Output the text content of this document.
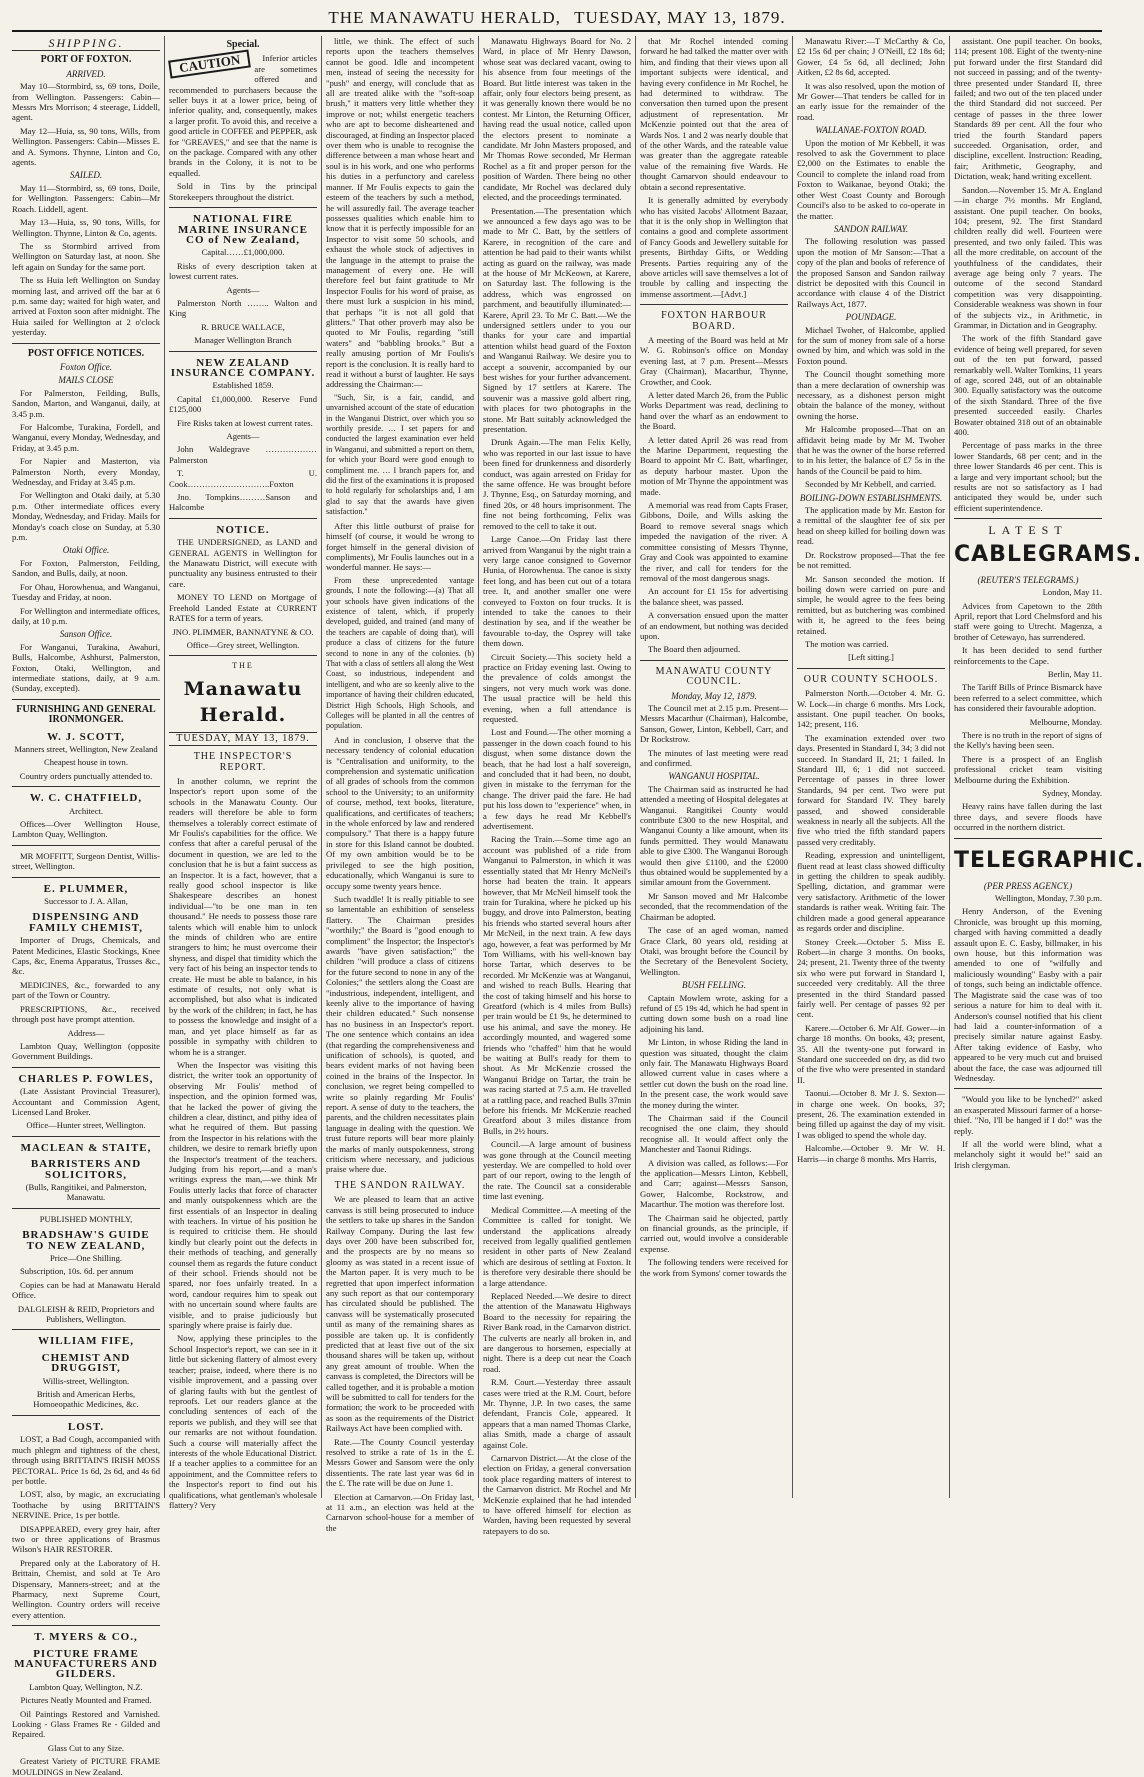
THE MANAWATU HERALD, TUESDAY, MAY 13, 1879.
SHIPPING.
PORT OF FOXTON.
ARRIVED.

May 10—Stormbird, ss, 69 tons, Doile, from Wellington. Passengers: Cabin—Messrs Mrs Morrison; 4 steerage, Liddell, agent.

May 12—Huia, ss, 90 tons, Wills, from Wellington. Passengers: Cabin—Misses E. and A. Symons. Thynne, Linton and Co, agents.

SAILED.

May 11—Stormbird, ss, 69 tons, Doile, for Wellington. Passengers: Cabin—Mr Roach. Liddell, agent.

May 13—Huia, ss, 90 tons, Wills, for Wellington. Thynne, Linton & Co, agents.

The ss Stormbird arrived from Wellington on Saturday last, at noon. She left again on Sunday for the same port.

The ss Huia left Wellington on Sunday morning last, and arrived off the bar at 6 p.m. same day; waited for high water, and arrived at Foxton soon after midnight. The Huia sailed for Wellington at 2 o'clock yesterday.

POST OFFICE NOTICES.
Foxton Office.
MAILS CLOSE

For Palmerston, Feilding, Bulls, Sandon, Marton, and Wanganui, daily, at 3.45 p.m.

For Halcombe, Turakina, Fordell, and Wanganui, every Monday, Wednesday, and Friday, at 3.45 p.m.

For Napier and Masterton, via Palmerston North, every Monday, Wednesday, and Friday at 3.45 p.m.

For Wellington and Otaki daily, at 5.30 p.m. Other intermediate offices every Monday, Wednesday, and Friday. Mails for Monday's coach close on Sunday, at 5.30 p.m.

Otaki Office.

For Foxton, Palmerston, Feilding, Sandon, and Bulls, daily, at noon.

For Ohau, Horowhenua, and Wanganui, Tuesday and Friday, at noon.

For Wellington and intermediate offices, daily, at 10 p.m.

Sanson Office.

For Wanganui, Turakina, Awahuri, Bulls, Halcombe, Ashhurst, Palmerston, Foxton, Otaki, Wellington, and intermediate stations, daily, at 9 a.m. (Sunday, excepted).

FURNISHING AND GENERAL IRONMONGER.
W. J. SCOTT,

Manners street, Wellington, New Zealand

Cheapest house in town.

Country orders punctually attended to.

W. C. CHATFIELD,

Architect.

Offices—Over Wellington House, Lambton Quay, Wellington.

MR MOFFITT, Surgeon Dentist, Willis-street, Wellington.

E. PLUMMER,

Successor to J. A. Allan,

DISPENSING AND FAMILY CHEMIST,

Importer of Drugs, Chemicals, and Patent Medicines, Elastic Stockings, Knee Caps, &c, Enema Apparatus, Trusses &c., &c.

MEDICINES, &c., forwarded to any part of the Town or Country.

PRESCRIPTIONS, &c., received through post have prompt attention.

Address—

Lambton Quay, Wellington (opposite Government Buildings.

CHARLES P. FOWLES,

(Late Assistant Provincial Treasurer), Accountant and Commission Agent, Licensed Land Broker.

Office—Hunter street, Wellington.

MACLEAN & STAITE,
BARRISTERS AND SOLICITORS,

(Bulls, Rangitikei, and Palmerston, Manawatu.

PUBLISHED MONTHLY,

BRADSHAW'S GUIDE TO NEW ZEALAND,

Price—One Shilling.

Subscription, 10s. 6d. per annum

Copies can be had at Manawatu Herald Office.

DALGLEISH & REID, Proprietors and Publishers, Wellington.

WILLIAM FIFE,
CHEMIST AND DRUGGIST,

Willis-street, Wellington.

British and American Herbs, Homoeopathic Medicines, &c.

LOST.

LOST, a Bad Cough, accompanied with much phlegm and tightness of the chest, through using BRITTAIN'S IRISH MOSS PECTORAL. Price 1s 6d, 2s 6d, and 4s 6d per bottle.

LOST, also, by magic, an excruciating Toothache by using BRITTAIN'S NERVINE. Price, 1s per bottle.

DISAPPEARED, every grey hair, after two or three applications of Brasmus Wilson's HAIR RESTORER.

Prepared only at the Laboratory of H. Brittain, Chemist, and sold at Te Aro Dispensary, Manners-street; and at the Pharmacy, next Supreme Court, Wellington. Country orders will receive every attention.

T. MYERS & CO.,
PICTURE FRAME MANUFACTURERS AND GILDERS.

Lambton Quay, Wellington, N.Z.

Pictures Neatly Mounted and Framed.

Oil Paintings Restored and Varnished. Looking - Glass Frames Re - Gilded and Repaired.

Glass Cut to any Size.

Greatest Variety of PICTURE FRAME MOULDINGS in New Zealand.

Special.
CAUTION	Inferior articles are sometimes offered and recommended to purchasers because the seller buys it at a lower price, being of inferior quality, and, consequently, makes a larger profit. To avoid this, and receive a good article in COFFEE and PEPPER, ask for "GREAVES," and see that the name is on the package. Compared with any other brands in the Colony, it is not to be equalled.

Sold in Tins by the principal Storekeepers throughout the district.

NATIONAL FIRE MARINE INSURANCE CO of New Zealand,

Capital……£1,000,000.

Risks of every description taken at lowest current rates.

Agents—

Palmerston North …….. Walton and King

R. BRUCE WALLACE,

Manager Wellington Branch

NEW ZEALAND INSURANCE COMPANY.

Established 1859.

Capital £1,000,000. Reserve Fund £125,000

Fire Risks taken at lowest current rates.

Agents—

John Waldegrave ……………… Palmerston

T. U. Cook………………………..Foxton

Jno. Tompkins………Sanson and Halcombe

NOTICE.

THE UNDERSIGNED, as LAND and GENERAL AGENTS in Wellington for the Manawatu District, will execute with punctuality any business entrusted to their care.

MONEY TO LEND on Mortgage of Freehold Landed Estate at CURRENT RATES for a term of years.

JNO. PLIMMER, BANNATYNE & CO.

Office—Grey street, Wellington.

THE
Manawatu Herald.
TUESDAY, MAY 13, 1879.
THE INSPECTOR'S REPORT.

In another column, we reprint the Inspector's report upon some of the schools in the Manawatu County. Our readers will therefore be able to form themselves a tolerably correct estimate of Mr Foulis's capabilities for the office. We confess that after a careful perusal of the document in question, we are led to the conclusion that he is but a faint success as an Inspector. It is a fact, however, that a really good school inspector is like Shakespeare describes an honest individual—"to be one man in ten thousand." He needs to possess those rare talents which will enable him to unlock the minds of children who are entire strangers to him; he must overcome their shyness, and dispel that timidity which the very fact of his being an inspector tends to create. He must be able to balance, in his estimate of results, not only what is accomplished, but also what is indicated by the work of the children; in fact, he has to possess the knowledge and insight of a man, and yet place himself as far as possible in sympathy with children to whom he is a stranger.

When the Inspector was visiting this district, the writer took an opportunity of observing Mr Foulis' method of inspection, and the opinion formed was, that he lacked the power of giving the children a clear, distinct, and pithy idea of what he required of them. But passing from the Inspector in his relations with the children, we desire to remark briefly upon the Inspector's treatment of the teachers. Judging from his report,—and a man's writings express the man,—we think Mr Foulis utterly lacks that force of character and manly outspokenness which are the first essentials of an Inspector in dealing with teachers. In virtue of his position he is required to criticise them. He should kindly but clearly point out the defects in their methods of teaching, and generally counsel them as regards the future conduct of their school. Friends should not be spared, nor foes unfairly treated. In a word, candour requires him to speak out with no uncertain sound where faults are visible, and to praise judiciously but sparingly where praise is fairly due.

Now, applying these principles to the School Inspector's report, we can see in it little but sickening flattery of almost every teacher; praise, indeed, where there is no visible improvement, and a passing over of glaring faults with but the gentlest of reproofs. Let our readers glance at the concluding sentences of each of the reports we publish, and they will see that our remarks are not without foundation. Such a course will materially affect the interests of the whole Educational District. If a teacher applies to a committee for an appointment, and the Committee refers to the Inspector's report to find out his qualifications, what gentleman's wholesale flattery? Very

little, we think. The effect of such reports upon the teachers themselves cannot be good. Idle and incompetent men, instead of seeing the necessity for "push" and energy, will conclude that as all are treated alike with the "soft-soap brush," it matters very little whether they improve or not; whilst energetic teachers who are apt to become disheartened and discouraged, at finding an Inspector placed over them who is unable to recognise the difference between a man whose heart and soul is in his work, and one who performs his duties in a perfunctory and careless manner. If Mr Foulis expects to gain the esteem of the teachers by such a method, he will assuredly fail. The average teacher possesses qualities which enable him to know that it is perfectly impossible for an Inspector to visit some 50 schools, and exhaust the whole stock of adjectives in the language in the attempt to praise the management of every one. He will therefore feel but faint gratitude to Mr Inspector Foulis for his word of praise, as there must lurk a suspicion in his mind, that perhaps "it is not all gold that glitters." That other proverb may also be quoted to Mr Foulis, regarding "still waters" and "babbling brooks." But a really amusing portion of Mr Foulis's report is the conclusion. It is really hard to read it without a burst of laughter. He says addressing the Chairman:—

"Such, Sir, is a fair, candid, and unvarnished account of the state of education in the Wanganui District, over which you so worthily preside. … I set papers for and conducted the largest examination ever held in Wanganui, and submitted a report on them, for which your Board were good enough to compliment me. … I branch papers for, and did the first of the examinations it is proposed to hold regularly for scholarships and, I am glad to say that the awards have given satisfaction."

After this little outburst of praise for himself (of course, it would be wrong to forget himself in the general division of compliments), Mr Foulis launches out in a wonderful manner. He says:—

From these unprecedented vantage grounds, I note the following:—(a) That all your schools have given indications of the existence of talent, which, if properly developed, guided, and trained (and many of the teachers are capable of doing that), will produce a class of citizens for the future second to none in any of the colonies. (b) That with a class of settlers all along the West Coast, so industrious, independent and intelligent, and who are so keenly alive to the importance of having their children educated, District High Schools, High Schools, and Colleges will be planted in all the centres of population.

And in conclusion, I observe that the necessary tendency of colonial education is "Centralisation and uniformity, to the comprehension and systematic unification of all grades of schools from the common school to the University; to an uniformity of course, method, text books, literature, qualifications, and certificates of teachers; in the whole enforced by law and rendered compulsory." That there is a happy future in store for this Island cannot be doubted. Of my own ambition would be to be privileged to see the high position, educationally, which Wanganui is sure to occupy some twenty years hence.

Such twaddle! It is really pitiable to see so lamentable an exhibition of senseless flattery. The Chairman presides "worthily;" the Board is "good enough to compliment" the Inspector; the Inspector's awards "have given satisfaction;" the children "will produce a class of citizens for the future second to none in any of the Colonies;" the settlers along the Coast are "industrious, independent, intelligent, and keenly alive to the importance of having their children educated." Such nonsense has no business in an Inspector's report. The one sentence which contains an idea (that regarding the comprehensiveness and unification of schools), is quoted, and bears evident marks of not having been coined in the brains of the Inspector. In conclusion, we regret being compelled to write so plainly regarding Mr Foulis' report. A sense of duty to the teachers, the parents, and the children necessitates plain language in dealing with the question. We trust future reports will bear more plainly the marks of manly outspokenness, strong criticism where necessary, and judicious praise where due.

THE SANDON RAILWAY.

We are pleased to learn that an active canvass is still being prosecuted to induce the settlers to take up shares in the Sandon Railway Company. During the last few days over 200 have been subscribed for, and the prospects are by no means so gloomy as was stated in a recent issue of the Marton paper. It is very much to be regretted that upon imperfect information any such report as that our contemporary has circulated should be published. The canvass will be systematically prosecuted until as many of the remaining shares as possible are taken up. It is confidently predicted that at least five out of the six thousand shares will be taken up, without any great amount of trouble. When the canvass is completed, the Directors will be called together, and it is probable a motion will be submitted to call for tenders for the formation; the work to be proceeded with as soon as the requirements of the District Railways Act have been complied with.

Rate.—The County Council yesterday resolved to strike a rate of 1s in the £. Messrs Gower and Sansom were the only dissentients. The rate last year was 6d in the £. The rate will be due on June 1.

Election at Carnarvon.—On Friday last, at 11 a.m., an election was held at the Carnarvon school-house for a member of the

Manawatu Highways Board for No. 2 Ward, in place of Mr Henry Dawson, whose seat was declared vacant, owing to his absence from four meetings of the Board. But little interest was taken in the affair, only four electors being present, as it was generally known there would be no contest. Mr Linton, the Returning Officer, having read the usual notice, called upon the electors present to nominate a candidate. Mr John Masters proposed, and Mr Thomas Rowe seconded, Mr Herman Rochel as a fit and proper person for the position of Warden. There being no other candidate, Mr Rochel was declared duly elected, and the proceedings terminated.

Presentation.—The presentation which we announced a few days ago was to be made to Mr C. Batt, by the settlers of Karere, in recognition of the care and attention he had paid to their wants whilst acting as guard on the railway, was made at the house of Mr McKeown, at Karere, on Saturday last. The following is the address, which was engrossed on parchment, and beautifully illuminated:—Karere, April 23. To Mr C. Batt.—We the undersigned settlers under to you our thanks for your care and impartial attention whilst head guard of the Foxton and Wanganui Railway. We desire you to accept a souvenir, accompanied by our best wishes for your further advancement. Signed by 17 settlers at Karere. The souvenir was a massive gold albert ring, with places for two photographs in the stone. Mr Batt suitably acknowledged the presentation.

Drunk Again.—The man Felix Kelly, who was reported in our last issue to have been fined for drunkenness and disorderly conduct, was again arrested on Friday for the same offence. He was brought before J. Thynne, Esq., on Saturday morning, and fined 20s, or 48 hours imprisonment. The fine not being forthcoming, Felix was removed to the cell to take it out.

Large Canoe.—On Friday last there arrived from Wanganui by the night train a very large canoe consigned to Governor Hunia, of Horowhenua. The canoe is sixty feet long, and has been cut out of a totara tree. It, and another smaller one were conveyed to Foxton on four trucks. It is intended to take the canoes to their destination by sea, and if the weather be favourable to-day, the Osprey will take them down.

Circuit Society.—This society held a practice on Friday evening last. Owing to the prevalence of colds amongst the singers, not very much work was done. The usual practice will be held this evening, when a full attendance is requested.

Lost and Found.—The other morning a passenger in the down coach found to his disgust, when some distance down the beach, that he had lost a half sovereign, and concluded that it had been, no doubt, given in mistake to the ferryman for the change. The driver paid the fare. He had put his loss down to "experience" when, in a few days he read Mr Kebbell's advertisement.

Racing the Train.—Some time ago an account was published of a ride from Wanganui to Palmerston, in which it was essentially stated that Mr Henry McNeil's horse had beaten the train. It appears however, that Mr McNeil himself took the train for Turakina, where he picked up his buggy, and drove into Palmerston, beating his friends who started several hours after Mr McNeil, in the next train. A few days ago, however, a feat was performed by Mr Tom Williams, with his well-known bay horse Tartar, which deserves to be recorded. Mr McKenzie was at Wanganui, and wished to reach Bulls. Hearing that the cost of taking himself and his horse to Greatford (which is 4 miles from Bulls) per train would be £1 9s, he determined to use his animal, and save the money. He accordingly mounted, and wagered some friends who "chaffed" him that he would be waiting at Bull's ready for them to shout. As Mr McKenzie crossed the Wanganui Bridge on Tartar, the train he was racing started at 7.5 a.m. He travelled at a rattling pace, and reached Bulls 37min before his friends. Mr McKenzie reached Greatford about 3 miles distance from Bulls, in 2½ hours.

Council.—A large amount of business was gone through at the Council meeting yesterday. We are compelled to hold over part of our report, owing to the length of the rate. The Council sat a considerable time last evening.

Medical Committee.—A meeting of the Committee is called for tonight. We understand the applications already received from legally qualified gentlemen resident in other parts of New Zealand which are desirous of settling at Foxton. It is therefore very desirable there should be a large attendance.

Replaced Needed.—We desire to direct the attention of the Manawatu Highways Board to the necessity for repairing the River Bank road, in the Carnarvon district. The culverts are nearly all broken in, and are dangerous to horsemen, especially at night. There is a deep cut near the Coach road.

R.M. Court.—Yesterday three assault cases were tried at the R.M. Court, before Mr. Thynne, J.P. In two cases, the same defendant, Francis Cole, appeared. It appears that a man named Thomas Clarke, alias Smith, made a charge of assault against Cole.

Carnarvon District.—At the close of the election on Friday, a general conversation took place regarding matters of interest to the Carnarvon district. Mr Rochel and Mr McKenzie explained that he had intended to have offered himself for election as Warden, having been requested by several ratepayers to do so.

that Mr Rochel intended coming forward he had talked the matter over with him, and finding that their views upon all important subjects were identical, and having every confidence in Mr Rochel, he had determined to withdraw. The conversation then turned upon the present adjustment of representation. Mr McKenzie pointed out that the area of Wards Nos. 1 and 2 was nearly double that of the other Wards, and the rateable value was greater than the aggregate rateable value of the remaining five Wards. He thought Carnarvon should endeavour to obtain a second representative.

It is generally admitted by everybody who has visited Jacobs' Allotment Bazaar, that it is the only shop in Wellington that contains a good and complete assortment of Fancy Goods and Jewellery suitable for presents, Birthday Gifts, or Wedding Presents. Parties requiring any of the above articles will save themselves a lot of trouble by calling and inspecting the immense assortment.—[Advt.]

FOXTON HARBOUR BOARD.

A meeting of the Board was held at Mr W. G. Robinson's office on Monday evening last, at 7 p.m. Present—Messrs Gray (Chairman), Macarthur, Thynne, Crowther, and Cook.

A letter dated March 26, from the Public Works Department was read, declining to hand over the wharf as an endowment to the Board.

A letter dated April 26 was read from the Marine Department, requesting the Board to appoint Mr C. Batt, wharfinger, as deputy harbour master. Upon the motion of Mr Thynne the appointment was made.

A memorial was read from Capts Fraser, Gibbons, Doile, and Wills asking the Board to remove several snags which impeded the navigation of the river. A committee consisting of Messrs Thynne, Gray and Cook was appointed to examine the river, and call for tenders for the removal of the most dangerous snags.

An account for £1 15s for advertising the balance sheet, was passed.

A conversation ensued upon the matter of an endowment, but nothing was decided upon.

The Board then adjourned.

MANAWATU COUNTY COUNCIL.
Monday, May 12, 1879.

The Council met at 2.15 p.m. Present—Messrs Macarthur (Chairman), Halcombe, Sanson, Gower, Linton, Kebbell, Carr, and Dr Rockstrow.

The minutes of last meeting were read and confirmed.

WANGANUI HOSPITAL.

The Chairman said as instructed he had attended a meeting of Hospital delegates at Wanganui. Rangitikei County would contribute £300 to the new Hospital, and Wanganui County a like amount, when its funds permitted. They would Manawatu able to give £300. The Wanganui Borough would then give £1100, and the £2000 thus obtained would be supplemented by a similar amount from the Government.

Mr Sanson moved and Mr Halcombe seconded, that the recommendation of the Chairman be adopted.

The case of an aged woman, named Grace Clark, 80 years old, residing at Otaki, was brought before the Council by the Secretary of the Benevolent Society, Wellington.

BUSH FELLING.

Captain Mowlem wrote, asking for a refund of £5 19s 4d, which he had spent in cutting down some bush on a road line adjoining his land.

Mr Linton, in whose Riding the land in question was situated, thought the claim only fair. The Manawatu Highways Board allowed current value in cases where a settler cut down the bush on the road line. In the present case, the work would save the money during the winter.

The Chairman said if the Council recognised the one claim, they should recognise all. It would affect only the Manchester and Taonui Ridings.

A division was called, as follows:—For the application—Messrs Linton, Kebbell, and Carr; against—Messrs Sanson, Gower, Halcombe, Rockstrow, and Macarthur. The motion was therefore lost.

The Chairman said he objected, partly on financial grounds, as the principle, if carried out, would involve a considerable expense.

The following tenders were received for the work from Symons' corner towards the

Manawatu River:—T McCarthy & Co, £2 15s 6d per chain; J O'Neill, £2 18s 6d; Gower, £4 5s 6d, all declined; John Aitken, £2 8s 6d, accepted.

It was also resolved, upon the motion of Mr Gower—That tenders be called for in an early issue for the remainder of the road.

WALLANAE-FOXTON ROAD.

Upon the motion of Mr Kebbell, it was resolved to ask the Government to place £2,000 on the Estimates to enable the Council to complete the inland road from Foxton to Waikanae, beyond Otaki; the other West Coast County and Borough Council's also to be asked to co-operate in the matter.

SANDON RAILWAY.

The following resolution was passed upon the motion of Mr Sanson:—That a copy of the plan and books of reference of the proposed Sanson and Sandon railway district be deposited with this Council in accordance with clause 4 of the District Railways Act, 1877.

POUNDAGE.

Michael Twoher, of Halcombe, applied for the sum of money from sale of a horse owned by him, and which was sold in the Foxton pound.

The Council thought something more than a mere declaration of ownership was necessary, as a dishonest person might obtain the balance of the money, without owning the horse.

Mr Halcombe proposed—That on an affidavit being made by Mr M. Twoher that he was the owner of the horse referred to in his letter, the balance of £7 5s in the hands of the Council be paid to him.

Seconded by Mr Kebbell, and carried.

BOILING-DOWN ESTABLISHMENTS.

The application made by Mr. Easton for a remittal of the slaughter fee of six per head on sheep killed for boiling down was read.

Dr. Rockstrow proposed—That the fee be not remitted.

Mr. Sanson seconded the motion. If boiling down were carried on pure and simple, he would agree to the fees being remitted, but as butchering was combined with it, he agreed to the fees being retained.

The motion was carried.

[Left sitting.]

OUR COUNTY SCHOOLS.

Palmerston North.—October 4. Mr. G. W. Lock—in charge 6 months. Mrs Lock, assistant. One pupil teacher. On books, 142; present, 116.

The examination extended over two days. Presented in Standard I, 34; 3 did not succeed. In Standard II, 21; 1 failed. In Standard III, 6; 1 did not succeed. Percentage of passes in three lower Standards, 94 per cent. Two were put forward for Standard IV. They barely passed, and showed considerable weakness in nearly all the subjects. All the five who tried the fifth standard papers passed very creditably.

Reading, expression and unintelligent, fluent read at least class showed difficulty in getting the children to speak audibly. Spelling, dictation, and grammar were very satisfactory. Arithmetic of the lower standards is rather weak. Writing fair. The children made a good general appearance as regards order and discipline.

Stoney Creek.—October 5. Miss E. Robert—in charge 3 months. On books, 24; present, 21. Twenty three of the twenty six who were put forward in Standard I, succeeded very creditably. All the three presented in the third Standard passed fairly well. Per centage of passes 92 per cent.

Karere.—October 6. Mr Alf. Gower—in charge 18 months. On books, 43; present, 35. All the twenty-one put forward in Standard one succeeded on dry, as did two of the five who were presented in standard II.

Taonui.—October 8. Mr J. S. Sexton—in charge one week. On books, 37; present, 26. The examination extended in being filled up against the day of my visit. I was obliged to spend the whole day.

Halcombe.—October 9. Mr W. H. Harris—in charge 8 months. Mrs Harris,

assistant. One pupil teacher. On books, 114; present 108. Eight of the twenty-nine put forward under the first Standard did not succeed in passing; and of the twenty-three presented under Standard II, three failed; and two out of the ten placed under the third Standard did not succeed. Per centage of passes in the three lower Standards 89 per cent. All the four who tried the fourth Standard papers succeeded. Organisation, order, and discipline, excellent. Instruction: Reading, fair; Arithmetic, Geography, and Dictation, weak; hand writing excellent.

Sandon.—November 15. Mr A. England—in charge 7½ months. Mr England, assistant. One pupil teacher. On books, 104; present, 92. The first Standard children really did well. Fourteen were presented, and two only failed. This was all the more creditable, on account of the youthfulness of the candidates, their average age being only 7 years. The outcome of the second Standard competition was very disappointing. Considerable weakness was shown in four of the subjects viz., in Arithmetic, in Grammar, in Dictation and in Geography.

The work of the fifth Standard gave evidence of being well prepared, for seven out of the ten put forward, passed remarkably well. Walter Tomkins, 11 years of age, scored 248, out of an obtainable 300. Equally satisfactory was the outcome of the sixth Standard. Three of the five presented succeeded easily. Charles Bowater obtained 318 out of an obtainable 400.

Percentage of pass marks in the three lower Standards, 68 per cent; and in the three lower Standards 46 per cent. This is a large and very important school; but the results are not so satisfactory as I had anticipated they would be, under such efficient superintendence.

LATEST
CABLEGRAMS.
(REUTER'S TELEGRAMS.)

London, May 11.

Advices from Capetown to the 28th April, report that Lord Chelmsford and his staff were going to Utrecht. Magenza, a brother of Cetewayo, has surrendered.

It has been decided to send further reinforcements to the Cape.

Berlin, May 11.

The Tariff Bills of Prince Bismarck have been referred to a select committee, which has considered their favourable adoption.

Melbourne, Monday.

There is no truth in the report of signs of the Kelly's having been seen.

There is a prospect of an English professional cricket team visiting Melbourne during the Exhibition.

Sydney, Monday.

Heavy rains have fallen during the last three days, and severe floods have occurred in the northern district.

TELEGRAPHIC.
(PER PRESS AGENCY.)

Wellington, Monday, 7.30 p.m.

Henry Anderson, of the Evening Chronicle, was brought up this morning, charged with having committed a deadly assault upon E. C. Easby, billmaker, in his own house, but this information was amended to one of "wilfully and maliciously wounding" Easby with a pair of tongs, such being an indictable offence. The Magistrate said the case was of too serious a nature for him to deal with it. Anderson's counsel notified that his client had laid a counter-information of a precisely similar nature against Easby. After taking evidence of Easby, who appeared to be very much cut and bruised about the face, the case was adjourned till Wednesday.

"Would you like to be lynched?" asked an exasperated Missouri farmer of a horse-thief. "No, I'll be hanged if I do!" was the reply.

If all the world were blind, what a melancholy sight it would be!" said an Irish clergyman.
